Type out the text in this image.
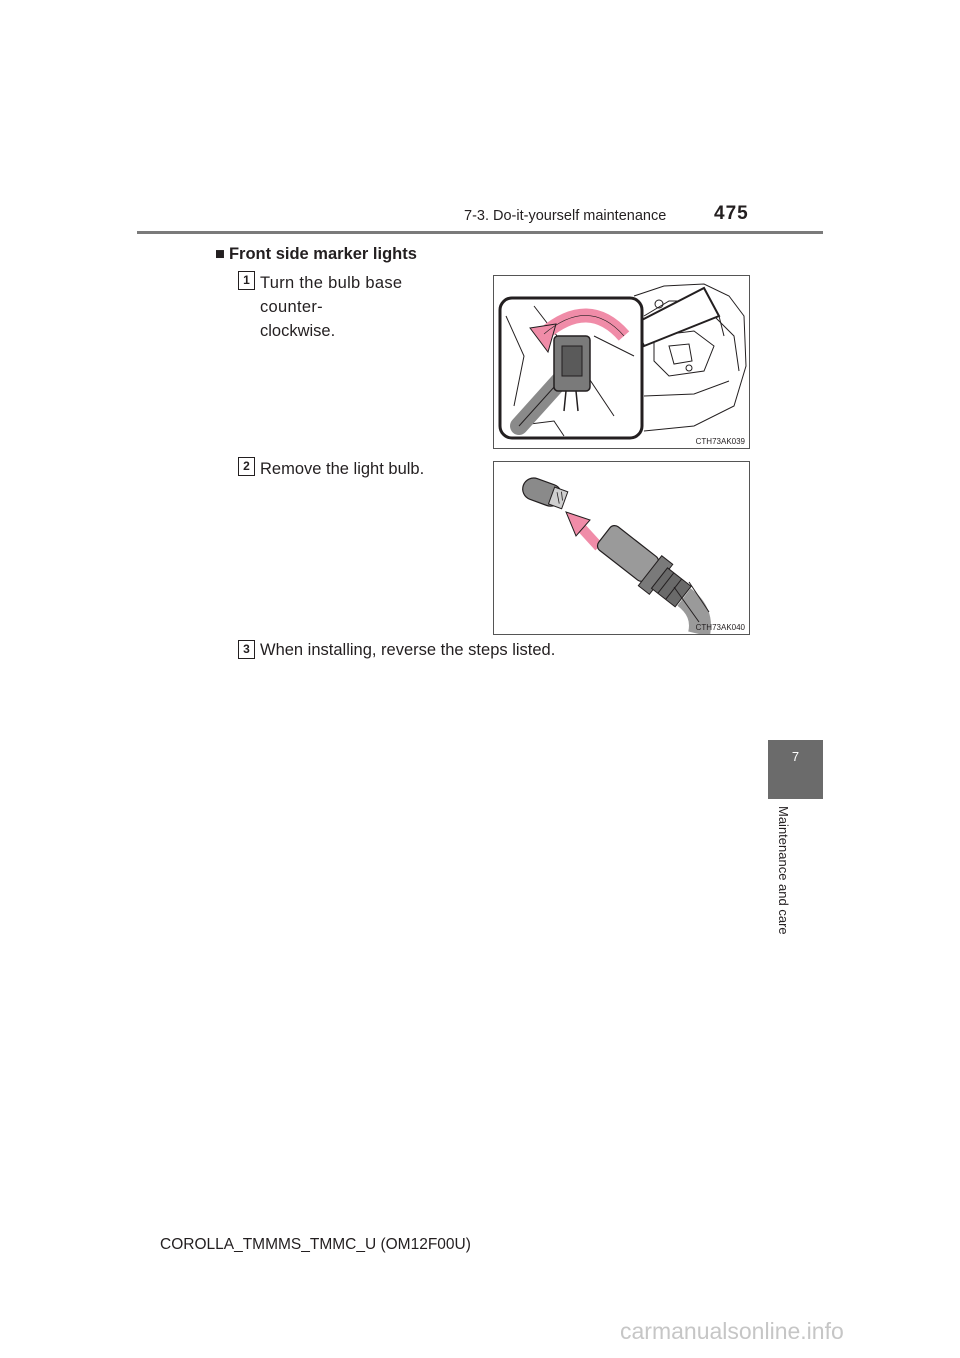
7-3. Do-it-yourself maintenance	475
■ Front side marker lights
1 Turn the bulb base counter-
clockwise.
CTH73AK039
2 Remove the light bulb.
CTH73AK040
3 When installing, reverse the steps listed.
7
Maintenance and care
COROLLA_TMMMS_TMMC_U (OM12F00U)
carmanualsonline.info
